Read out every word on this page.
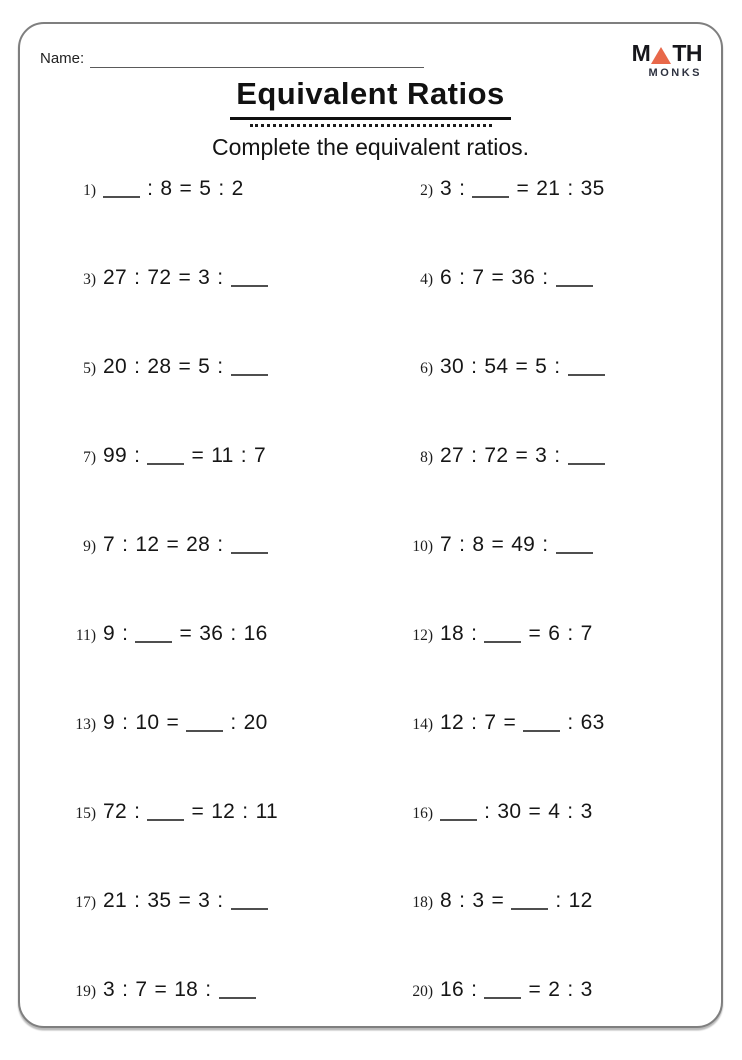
Name:	M TH
MONKS
Equivalent Ratios

Complete the equivalent ratios.

1)	: 8 = 5 : 2	2) 3 :  = 21 : 35
3) 27 : 72 = 3 :	4) 6 : 7 = 36 :
5) 20 : 28 = 5 :	6) 30 : 54 = 5 :
7) 99 :  = 11 : 7	8) 27 : 72 = 3 :
9) 7 : 12 = 28 :	10) 7 : 8 = 49 :
11) 9 :  = 36 : 16	12) 18 :  = 6 : 7
13) 9 : 10 =  : 20	14) 12 : 7 =  : 63
15) 72 :  = 12 : 11	16)	: 30 = 4 : 3
17) 21 : 35 = 3 :	18) 8 : 3 =  : 12
19) 3 : 7 = 18 :	20) 16 :  = 2 : 3
